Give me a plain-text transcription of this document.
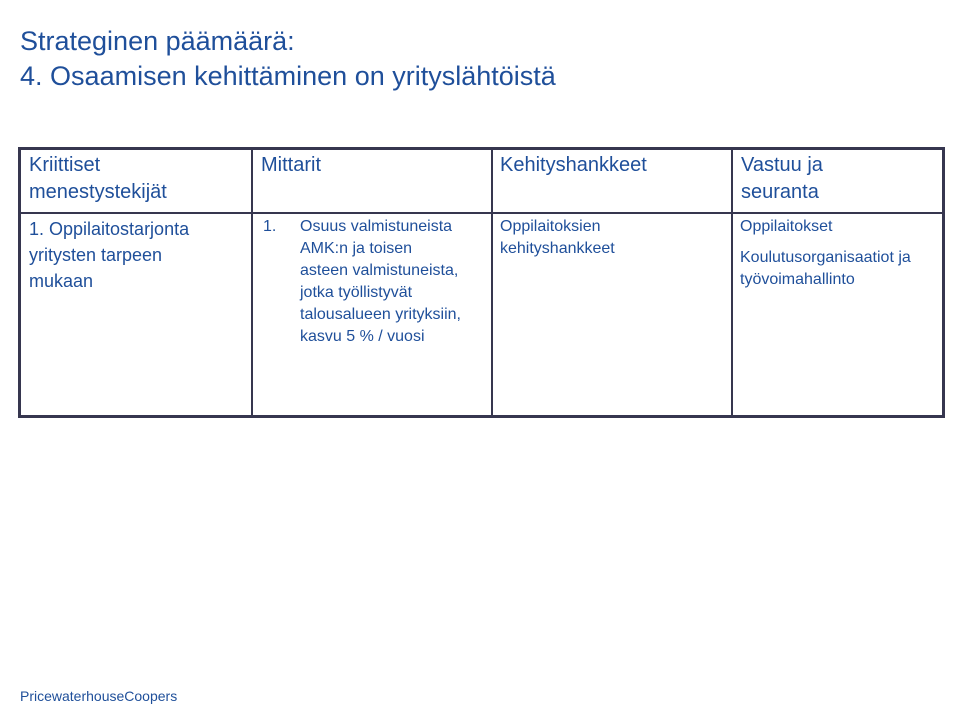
Strateginen päämäärä:
4. Osaamisen kehittäminen on yrityslähtöistä
Kriittiset
menestystekijät
Mittarit	Kehityshankkeet	Vastuu ja
seuranta
1. Oppilaitostarjonta
yritysten tarpeen
mukaan
1. Osuus valmistuneista
AMK:n ja toisen
asteen valmistuneista,
jotka työllistyvät
talousalueen yrityksiin,
kasvu 5 % / vuosi
Oppilaitoksien
kehityshankkeet
Oppilaitokset
Koulutusorganisaatiot ja
työvoimahallinto
PricewaterhouseCoopers
